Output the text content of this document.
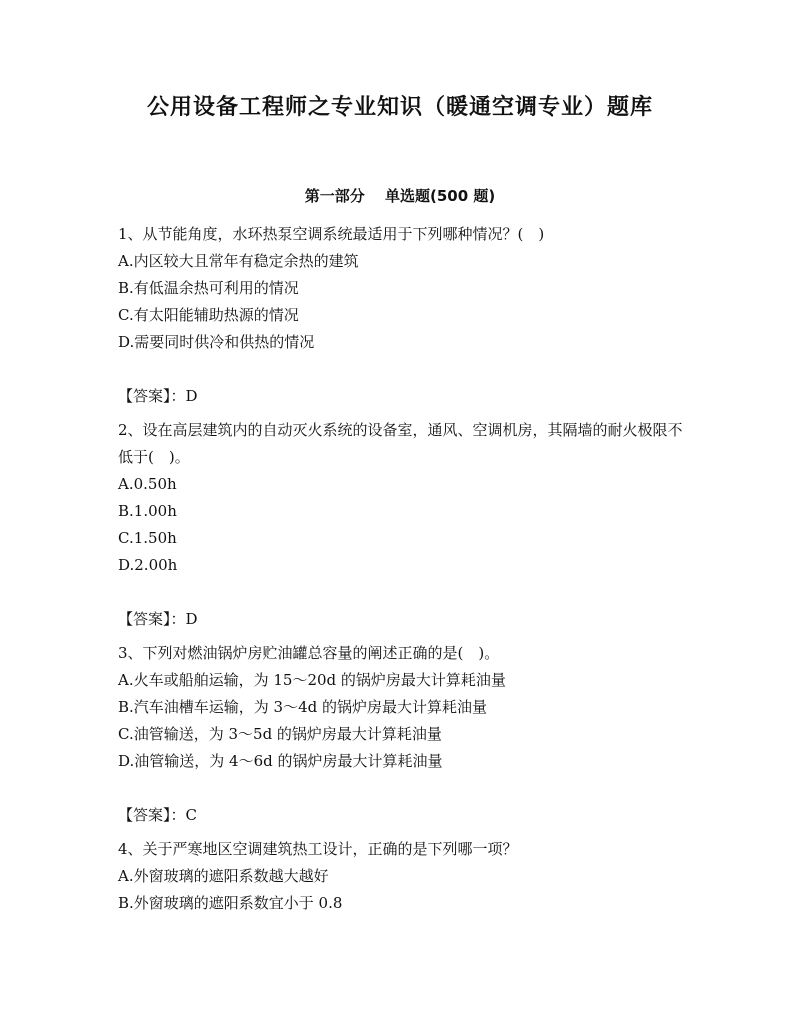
公用设备工程师之专业知识（暖通空调专业）题库
第一部分　 单选题(500 题)

1、从节能角度，水环热泵空调系统最适用于下列哪种情况？(　)

A.内区较大且常年有稳定余热的建筑

B.有低温余热可利用的情况

C.有太阳能辅助热源的情况

D.需要同时供冷和供热的情况

【答案】：D

2、设在高层建筑内的自动灭火系统的设备室，通风、空调机房，其隔墙的耐火极限不低于(　)。

A.0.50h

B.1.00h

C.1.50h

D.2.00h

【答案】：D

3、下列对燃油锅炉房贮油罐总容量的阐述正确的是(　)。

A.火车或船舶运输，为 15～20d 的锅炉房最大计算耗油量

B.汽车油槽车运输，为 3～4d 的锅炉房最大计算耗油量

C.油管输送，为 3～5d 的锅炉房最大计算耗油量

D.油管输送，为 4～6d 的锅炉房最大计算耗油量

【答案】：C

4、关于严寒地区空调建筑热工设计，正确的是下列哪一项？

A.外窗玻璃的遮阳系数越大越好

B.外窗玻璃的遮阳系数宜小于 0.8
